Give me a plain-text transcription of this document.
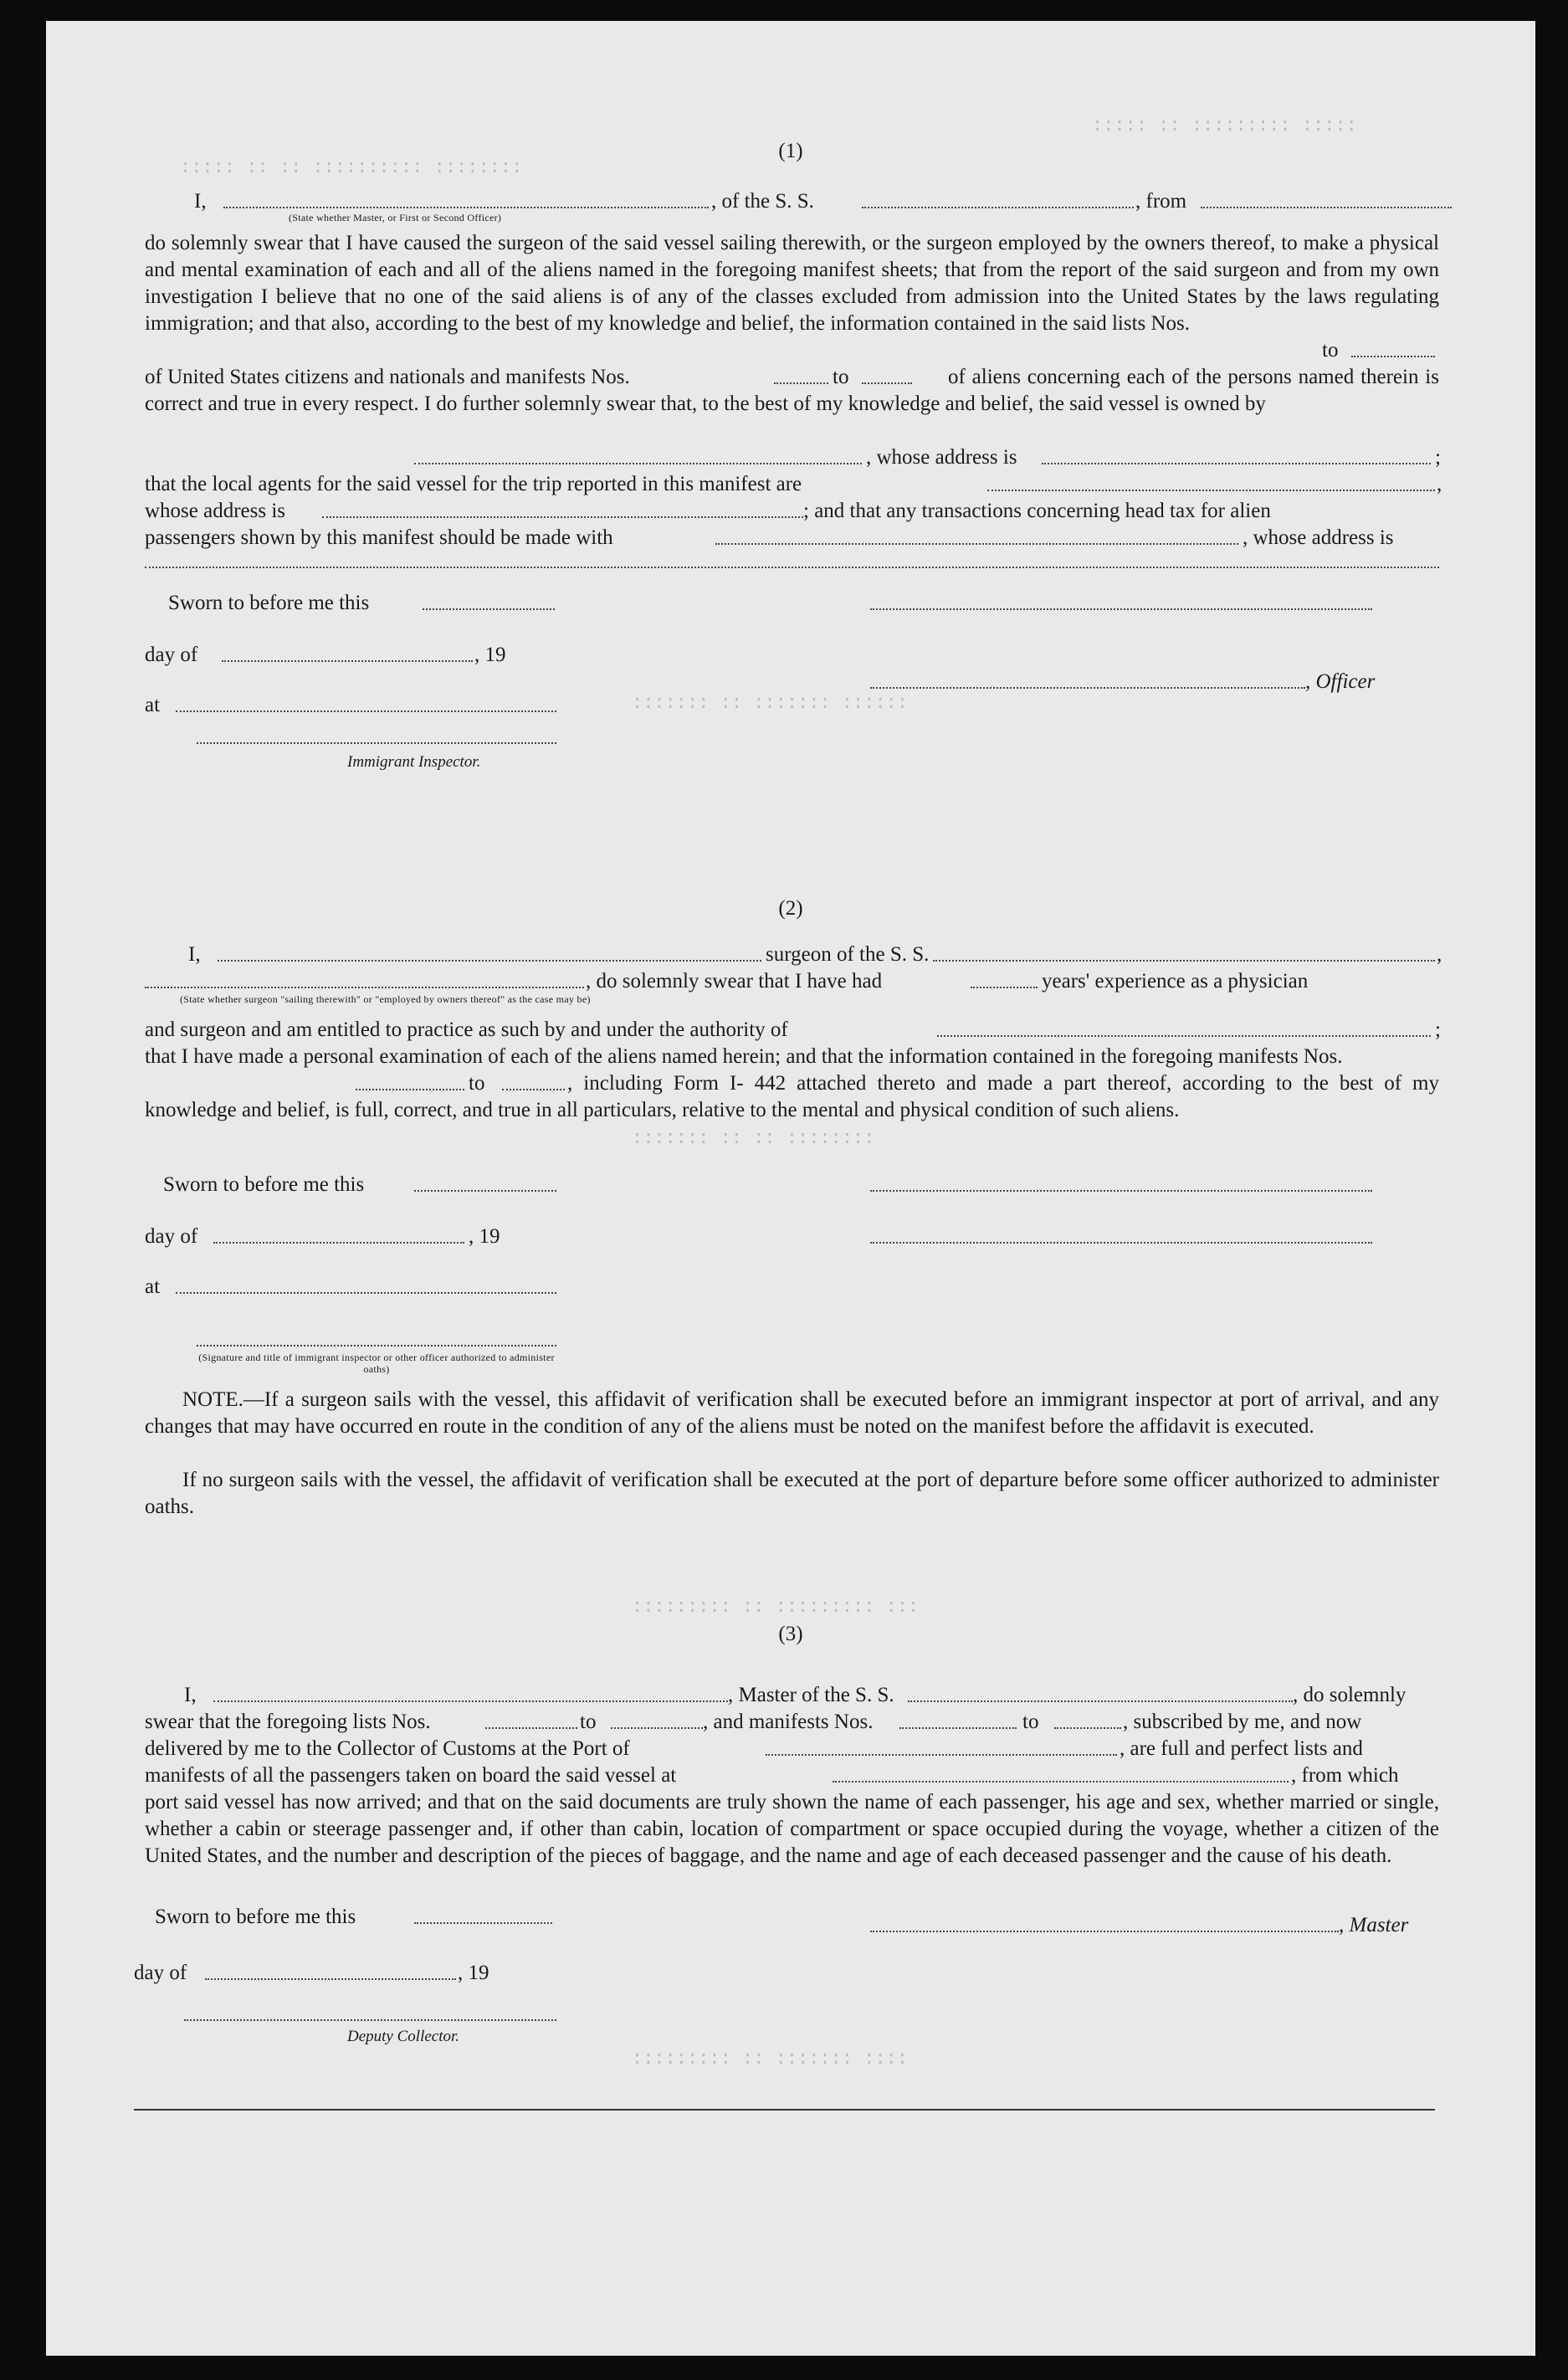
::::: :: :: :::::::::: ::::::::
::::: :: ::::::::: :::::
::::::: :: ::::::: ::::::
::::::: :: :: ::::::::
::::::::: :: ::::::::: :::
::::::::: :: ::::::: ::::
(1)
I,	, of the S. S.	, from
(State whether Master, or First or Second Officer)

do solemnly swear that I have caused the surgeon of the said vessel sailing therewith, or the surgeon employed by the owners thereof, to make a physical and mental examination of each and all of the aliens named in the foregoing manifest sheets; that from the report of the said surgeon and from my own investigation I believe that no one of the said aliens is of any of the classes excluded from admission into the United States by the laws regulating immigration; and that also, according to the best of my knowledge and belief, the information contained in the said lists Nos.

to
of United States citizens and nationals and manifests Nos.	to	of aliens concerning each of the persons named therein is correct and true in every respect. I do further solemnly swear that, to the best of my knowledge and belief, the said vessel is owned by

, whose address is	;
that the local agents for the said vessel for the trip reported in this manifest are	,
whose address is	; and that any transactions concerning head tax for alien
passengers shown by this manifest should be made with	, whose address is
Sworn to before me this
day of	, 19
, Officer
at
Immigrant Inspector.
(2)
I,	surgeon of the S. S.	,
, do solemnly swear that I have had	years' experience as a physician
(State whether surgeon "sailing therewith" or "employed by owners thereof" as the case may be)
and surgeon and am entitled to practice as such by and under the authority of	;

that I have made a personal examination of each of the aliens named herein; and that the information contained in the foregoing manifests Nos.

to	, including Form I- 442 attached thereto and made a part thereof, according to the best of my knowledge and belief, is full, correct, and true in all particulars, relative to the mental and physical condition of such aliens.

Sworn to before me this
day of	, 19
at
(Signature and title of immigrant inspector or other officer authorized to administer oaths)

NOTE.—If a surgeon sails with the vessel, this affidavit of verification shall be executed before an immigrant inspector at port of arrival, and any changes that may have occurred en route in the condition of any of the aliens must be noted on the manifest before the affidavit is executed.

If no surgeon sails with the vessel, the affidavit of verification shall be executed at the port of departure before some officer authorized to administer oaths.

(3)
I,	, Master of the S. S.	, do solemnly
swear that the foregoing lists Nos.	to	, and manifests Nos.	to	, subscribed by me, and now
delivered by me to the Collector of Customs at the Port of	, are full and perfect lists and
manifests of all the passengers taken on board the said vessel at	, from which

port said vessel has now arrived; and that on the said documents are truly shown the name of each passenger, his age and sex, whether married or single, whether a cabin or steerage passenger and, if other than cabin, location of compartment or space occupied during the voyage, whether a citizen of the United States, and the number and description of the pieces of baggage, and the name and age of each deceased passenger and the cause of his death.

Sworn to before me this	, Master
day of	, 19
Deputy Collector.
